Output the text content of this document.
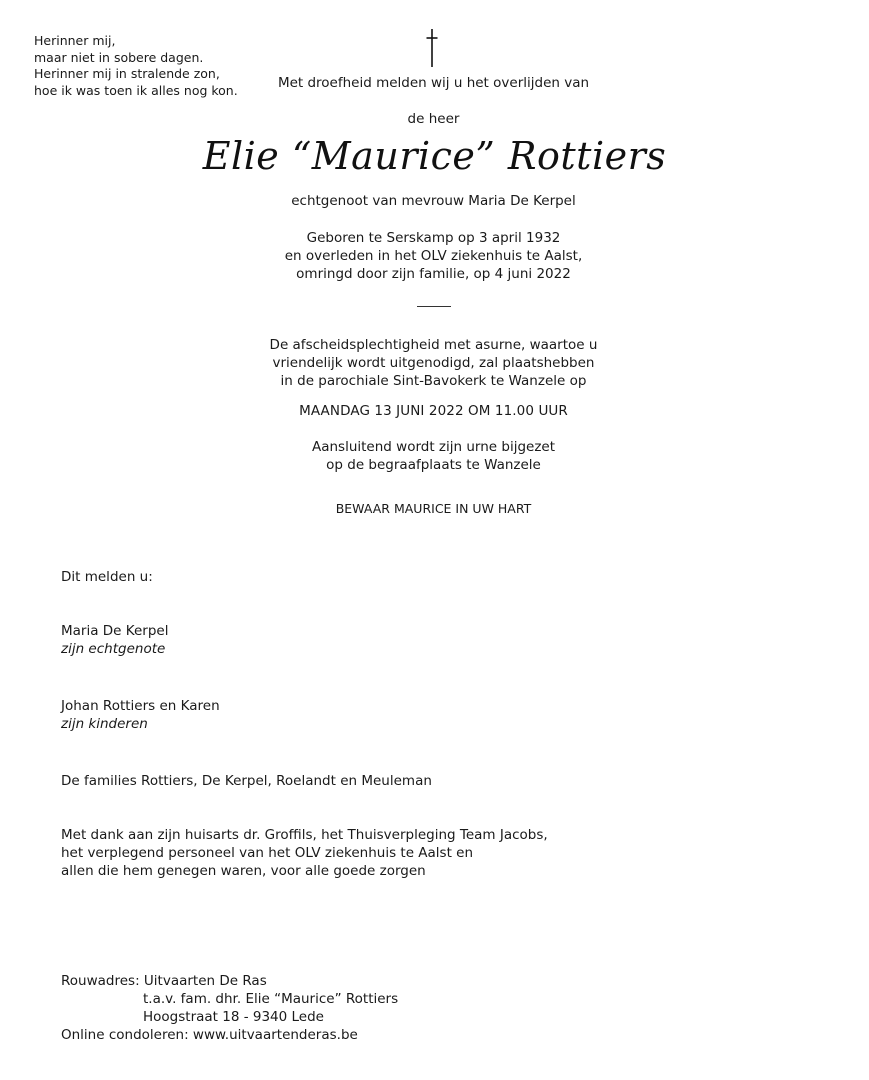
Herinner mij,
maar niet in sobere dagen.
Herinner mij in stralende zon,
hoe ik was toen ik alles nog kon.	Met droefheid melden wij u het overlijden van
de heer
Elie “Maurice” Rottiers
echtgenoot van mevrouw Maria De Kerpel
Geboren te Serskamp op 3 april 1932
en overleden in het OLV ziekenhuis te Aalst,
omringd door zijn familie, op 4 juni 2022
De afscheidsplechtigheid met asurne, waartoe u
vriendelijk wordt uitgenodigd, zal plaatshebben
in de parochiale Sint-Bavokerk te Wanzele op
MAANDAG 13 JUNI 2022 OM 11.00 UUR
Aansluitend wordt zijn urne bijgezet
op de begraafplaats te Wanzele
BEWAAR MAURICE IN UW HART
Dit melden u:
Maria De Kerpel
zijn echtgenote
Johan Rottiers en Karen
zijn kinderen
De families Rottiers, De Kerpel, Roelandt en Meuleman
Met dank aan zijn huisarts dr. Groffils, het Thuisverpleging Team Jacobs,
het verplegend personeel van het OLV ziekenhuis te Aalst en
allen die hem genegen waren, voor alle goede zorgen
Rouwadres: Uitvaarten De Ras
t.a.v. fam. dhr. Elie “Maurice” Rottiers
Hoogstraat 18 - 9340 Lede
Online condoleren: www.uitvaartenderas.be
